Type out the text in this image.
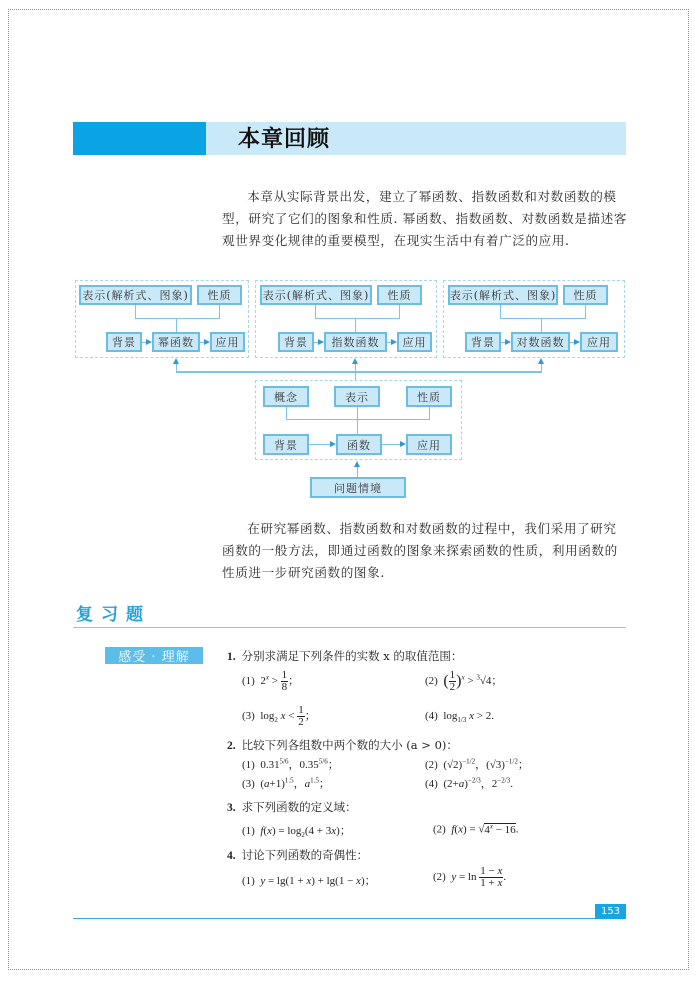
本章回顾

本章从实际背景出发，建立了幂函数、指数函数和对数函数的模

型，研究了它们的图象和性质. 幂函数、指数函数、对数函数是描述客
观世界变化规律的重要模型，在现实生活中有着广泛的应用.
表示(解析式、图象)	性质
背景	幂函数	应用
表示(解析式、图象)	性质
背景	指数函数	应用
表示(解析式、图象)	性质
背景	对数函数	应用
概念	表示	性质
背景	函数	应用
问题情境

在研究幂函数、指数函数和对数函数的过程中，我们采用了研究

函数的一般方法，即通过函数的图象来探索函数的性质，利用函数的
性质进一步研究函数的图象.
复习题
感受 · 理解	1. 分别求满足下列条件的实数 x 的取值范围：
(1)  $2^x > \frac{1}{8}$ ；	(2) ( $\frac{1}{2} )^x > ^3√4$；
(3)  $\log_2 x < \frac{1}{2}$ ；	(4)  $\log_{1/3} x > 2$.
2. 比较下列各组数中两个数的大小 (a > 0)：
(1)  $0.31^{5/6}$，$0.35^{5/6}$；	(2)  $(√2)^{-1/2}$，$(√3)^{-1/2}$；
(3)  $(a+1)^{1.5}$，$a^{1.5}$；	(4)  $(2+a)^{-2/3}$，$2^{-2/3}$.
3. 求下列函数的定义域：
(1) $f(x) = \log_2(4 + 3x)$；	(2) $f(x) = √4^x - 16$.
4. 讨论下列函数的奇偶性：
(1) y = lg(1 + x) + lg(1 − x)；	(2) $y = \ln \frac{1 - x}{1 + x}$ .
153
